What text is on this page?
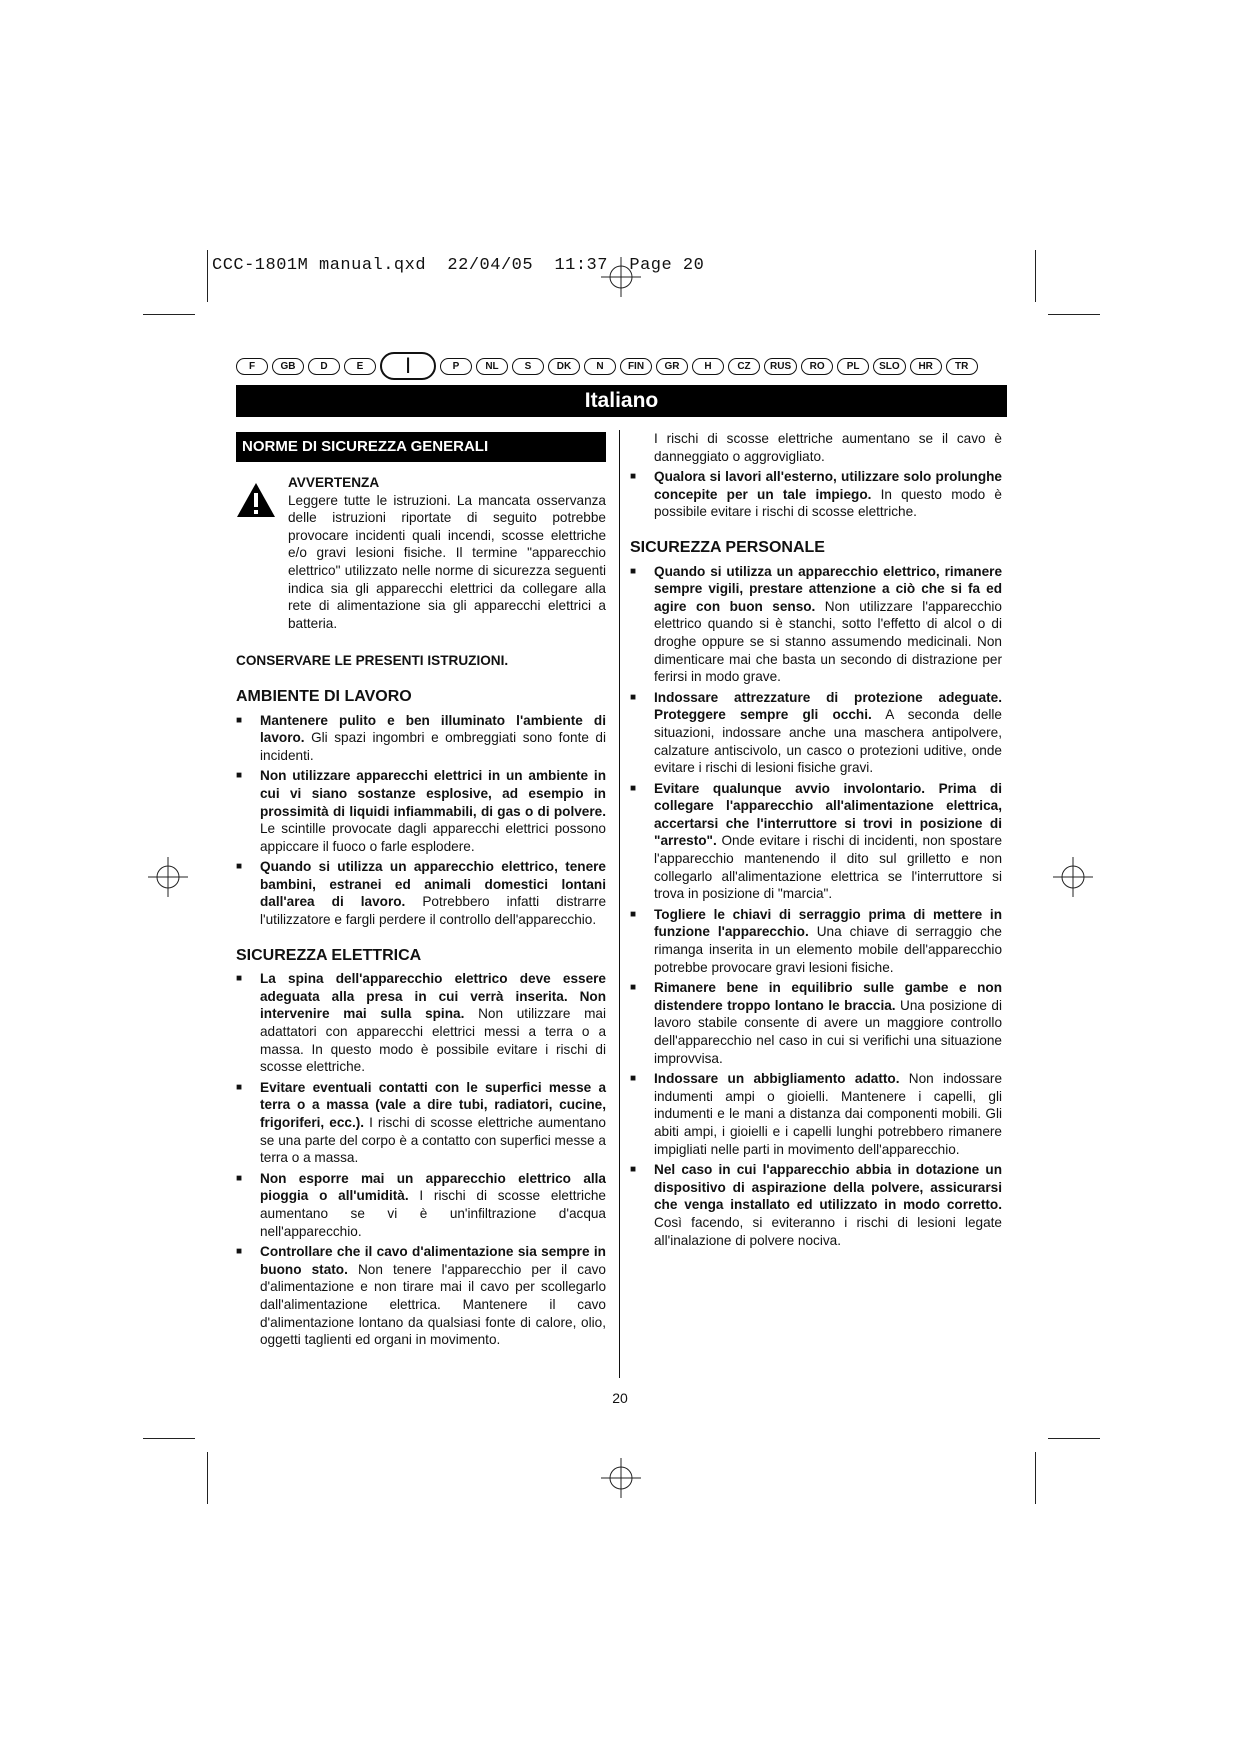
CCC-1801M manual.qxd  22/04/05  11:37  Page 20
F	GB	D	E	I	P	NL	S	DK	N	FIN	GR	H	CZ	RUS	RO	PL	SLO	HR	TR
Italiano
NORME DI SICUREZZA GENERALI
AVVERTENZA
Leggere tutte le istruzioni. La mancata osservanza delle istruzioni riportate di seguito potrebbe provocare incidenti quali incendi, scosse elettriche e/o gravi lesioni fisiche. Il termine "apparecchio elettrico" utilizzato nelle norme di sicurezza seguenti indica sia gli apparecchi elettrici da collegare alla rete di alimentazione sia gli apparecchi elettrici a batteria.
CONSERVARE LE PRESENTI ISTRUZIONI.
AMBIENTE DI LAVORO
■	Mantenere pulito e ben illuminato l'ambiente di lavoro. Gli spazi ingombri e ombreggiati sono fonte di incidenti.
■	Non utilizzare apparecchi elettrici in un ambiente in cui vi siano sostanze esplosive, ad esempio in prossimità di liquidi infiammabili, di gas o di polvere. Le scintille provocate dagli apparecchi elettrici possono appiccare il fuoco o farle esplodere.
■	Quando si utilizza un apparecchio elettrico, tenere bambini, estranei ed animali domestici lontani dall'area di lavoro. Potrebbero infatti distrarre l'utilizzatore e fargli perdere il controllo dell'apparecchio.
SICUREZZA ELETTRICA
■	La spina dell'apparecchio elettrico deve essere adeguata alla presa in cui verrà inserita. Non intervenire mai sulla spina. Non utilizzare mai adattatori con apparecchi elettrici messi a terra o a massa. In questo modo è possibile evitare i rischi di scosse elettriche.
■	Evitare eventuali contatti con le superfici messe a terra o a massa (vale a dire tubi, radiatori, cucine, frigoriferi, ecc.). I rischi di scosse elettriche aumentano se una parte del corpo è a contatto con superfici messe a terra o a massa.
■	Non esporre mai un apparecchio elettrico alla pioggia o all'umidità. I rischi di scosse elettriche aumentano se vi è un'infiltrazione d'acqua nell'apparecchio.
■	Controllare che il cavo d'alimentazione sia sempre in buono stato. Non tenere l'apparecchio per il cavo d'alimentazione e non tirare mai il cavo per scollegarlo dall'alimentazione elettrica. Mantenere il cavo d'alimentazione lontano da qualsiasi fonte di calore, olio, oggetti taglienti ed organi in movimento.
I rischi di scosse elettriche aumentano se il cavo è danneggiato o aggrovigliato.
■	Qualora si lavori all'esterno, utilizzare solo prolunghe concepite per un tale impiego. In questo modo è possibile evitare i rischi di scosse elettriche.
SICUREZZA PERSONALE
■	Quando si utilizza un apparecchio elettrico, rimanere sempre vigili, prestare attenzione a ciò che si fa ed agire con buon senso. Non utilizzare l'apparecchio elettrico quando si è stanchi, sotto l'effetto di alcol o di droghe oppure se si stanno assumendo medicinali. Non dimenticare mai che basta un secondo di distrazione per ferirsi in modo grave.
■	Indossare attrezzature di protezione adeguate. Proteggere sempre gli occhi. A seconda delle situazioni, indossare anche una maschera antipolvere, calzature antiscivolo, un casco o protezioni uditive, onde evitare i rischi di lesioni fisiche gravi.
■	Evitare qualunque avvio involontario. Prima di collegare l'apparecchio all'alimentazione elettrica, accertarsi che l'interruttore si trovi in posizione di "arresto". Onde evitare i rischi di incidenti, non spostare l'apparecchio mantenendo il dito sul grilletto e non collegarlo all'alimentazione elettrica se l'interruttore si trova in posizione di "marcia".
■	Togliere le chiavi di serraggio prima di mettere in funzione l'apparecchio. Una chiave di serraggio che rimanga inserita in un elemento mobile dell'apparecchio potrebbe provocare gravi lesioni fisiche.
■	Rimanere bene in equilibrio sulle gambe e non distendere troppo lontano le braccia. Una posizione di lavoro stabile consente di avere un maggiore controllo dell'apparecchio nel caso in cui si verifichi una situazione improvvisa.
■	Indossare un abbigliamento adatto. Non indossare indumenti ampi o gioielli. Mantenere i capelli, gli indumenti e le mani a distanza dai componenti mobili. Gli abiti ampi, i gioielli e i capelli lunghi potrebbero rimanere impigliati nelle parti in movimento dell'apparecchio.
■	Nel caso in cui l'apparecchio abbia in dotazione un dispositivo di aspirazione della polvere, assicurarsi che venga installato ed utilizzato in modo corretto. Così facendo, si eviteranno i rischi di lesioni legate all'inalazione di polvere nociva.
20
